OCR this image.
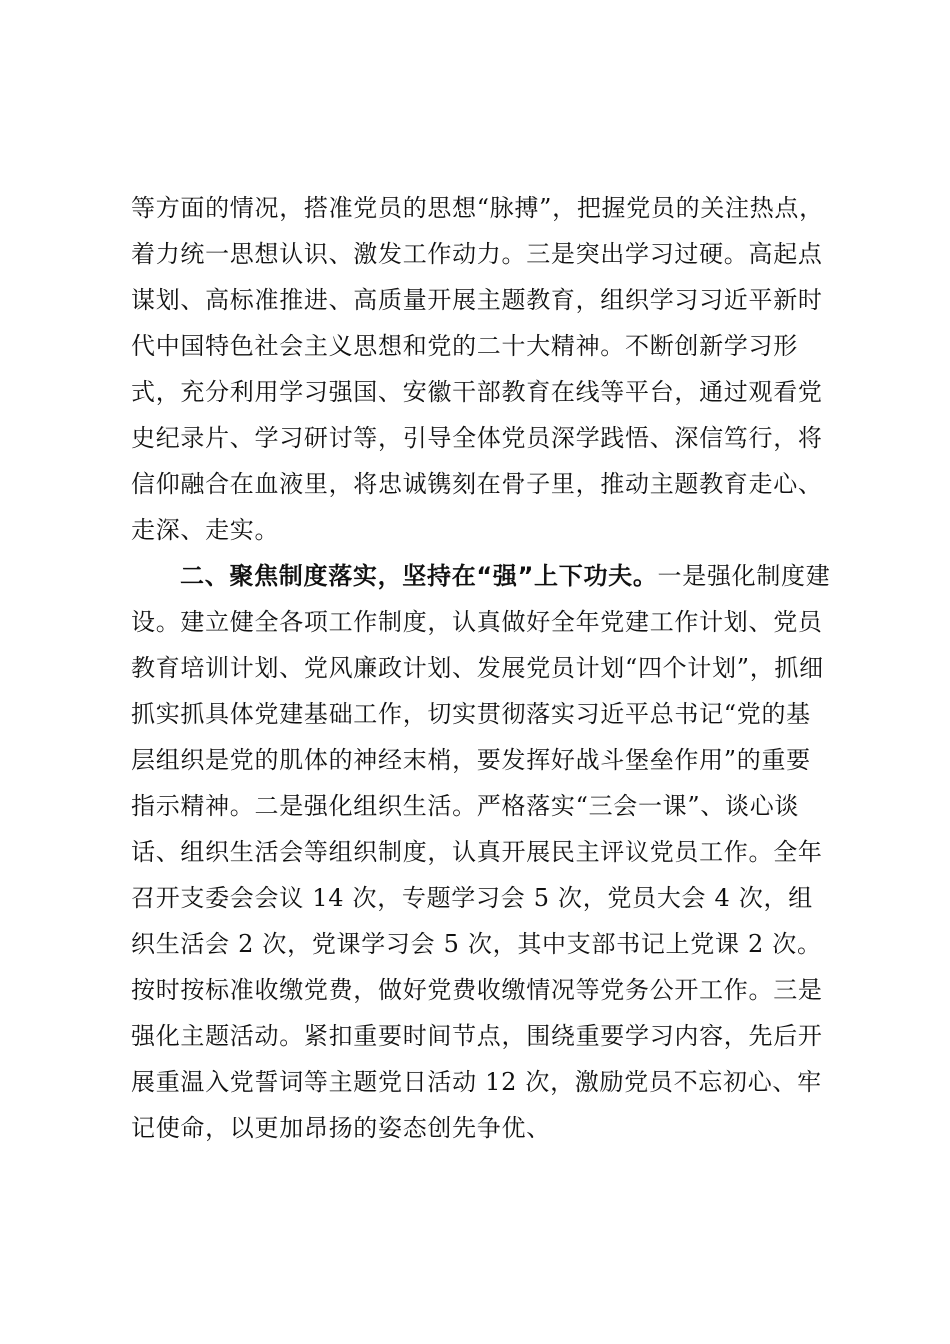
等方面的情况，搭准党员的思想“脉搏”，把握党员的关注热点，着力统一思想认识、激发工作动力。三是突出学习过硬。高起点谋划、高标准推进、高质量开展主题教育，组织学习习近平新时代中国特色社会主义思想和党的二十大精神。不断创新学习形式，充分利用学习强国、安徽干部教育在线等平台，通过观看党史纪录片、学习研讨等，引导全体党员深学践悟、深信笃行，将信仰融合在血液里，将忠诚镌刻在骨子里，推动主题教育走心、走深、走实。

二、聚焦制度落实，坚持在“强”上下功夫。一是强化制度建设。建立健全各项工作制度，认真做好全年党建工作计划、党员教育培训计划、党风廉政计划、发展党员计划“四个计划”，抓细抓实抓具体党建基础工作，切实贯彻落实习近平总书记“党的基层组织是党的肌体的神经末梢，要发挥好战斗堡垒作用”的重要指示精神。二是强化组织生活。严格落实“三会一课”、谈心谈话、组织生活会等组织制度，认真开展民主评议党员工作。全年召开支委会会议 14 次，专题学习会 5 次，党员大会 4 次，组织生活会 2 次，党课学习会 5 次，其中支部书记上党课 2 次。按时按标准收缴党费，做好党费收缴情况等党务公开工作。三是强化主题活动。紧扣重要时间节点，围绕重要学习内容，先后开展重温入党誓词等主题党日活动 12 次，激励党员不忘初心、牢记使命，以更加昂扬的姿态创先争优、
